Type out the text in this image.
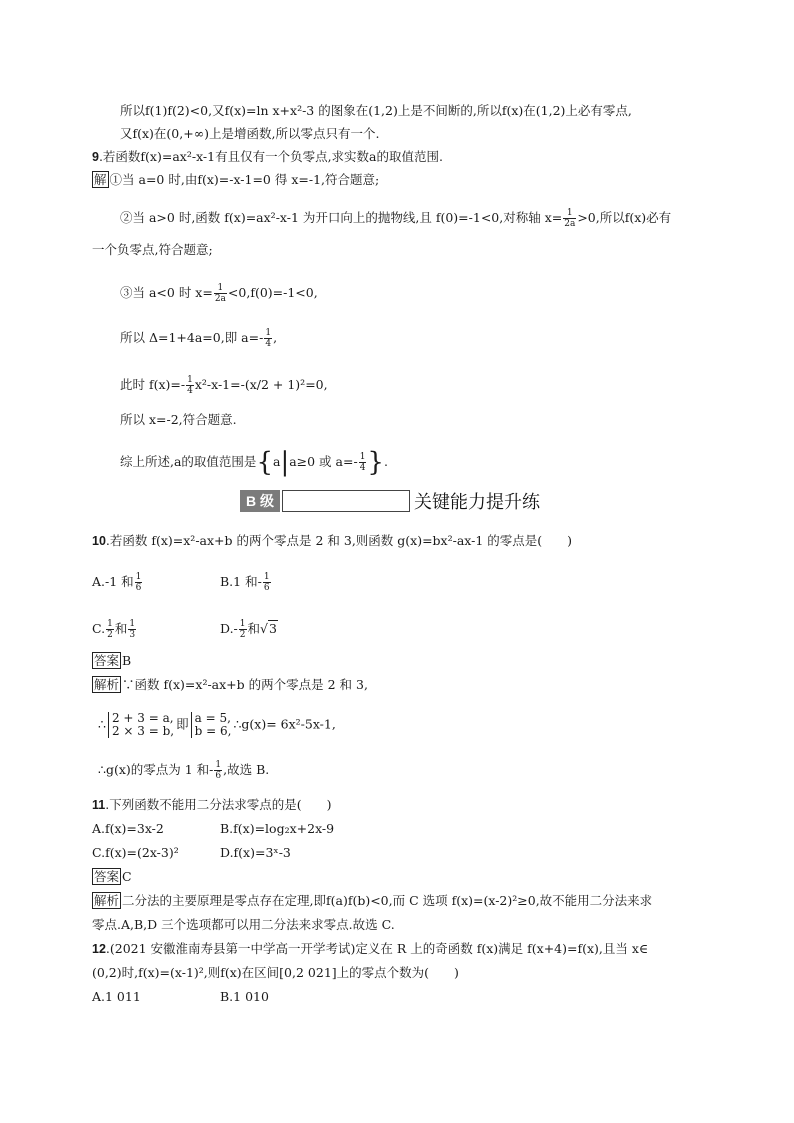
所以f(1)f(2)<0,又f(x)=ln x+x²-3 的图象在(1,2)上是不间断的,所以f(x)在(1,2)上必有零点,
又f(x)在(0,+∞)上是增函数,所以零点只有一个.
9.若函数f(x)=ax²-x-1有且仅有一个负零点,求实数a的取值范围.
解 ①当 a=0 时,由f(x)=-x-1=0 得 x=-1,符合题意;
②当 a>0 时,函数 f(x)=ax²-x-1 为开口向上的抛物线,且 f(0)=-1<0,对称轴 $x= \frac{1}{2a} >0$,所以f(x)必有
一个负零点,符合题意;
③当 a<0 时 $x= \frac{1}{2a} <0,f(0)=-1<0$,
所以 Δ=1+4a=0,即 $a=- \frac{1}{4}$ ,
此时 $f(x)=- \frac{1}{4} x^2-x-1=-(x/2 + 1)^2=0$,
所以 x=-2,符合题意.
综上所述,a的取值范围是{a|a≥0 或 $a=- \frac{1}{4}$ }.
B 级	关键能力提升练
10.若函数 f(x)=x²-ax+b 的两个零点是 2 和 3,则函数 g(x)=bx²-ax-1 的零点是(　　)
A.-1 和 $\frac{1}{6}$	B.1 和- $\frac{1}{6}$
C. $\frac{1}{2}$ 和 $\frac{1}{3}$	$D.- \frac{1}{2}$ 和√3
答案 B
解析 ∵函数 f(x)=x²-ax+b 的两个零点是 2 和 3,
∴ 2 + 3 = a,
2 × 3 = b, 即 a = 5,
b = 6, ∴g(x)= 6x²-5x-1,
∴g(x)的零点为 1 和- $\frac{1}{6}$ ,故选 B.
11.下列函数不能用二分法求零点的是(　　)
A.f(x)=3x-2	B.f(x)=log₂x+2x-9
C.f(x)=(2x-3)²	D.f(x)=3ˣ-3
答案 C
解析 二分法的主要原理是零点存在定理,即f(a)f(b)<0,而 C 选项 f(x)=(x-2)²≥0,故不能用二分法来求
零点.A,B,D 三个选项都可以用二分法来求零点.故选 C.
12.(2021 安徽淮南寿县第一中学高一开学考试)定义在 R 上的奇函数 f(x)满足 f(x+4)=f(x),且当 x∈
(0,2)时,f(x)=(x-1)²,则f(x)在区间[0,2 021]上的零点个数为(　　)
A.1 011	B.1 010
